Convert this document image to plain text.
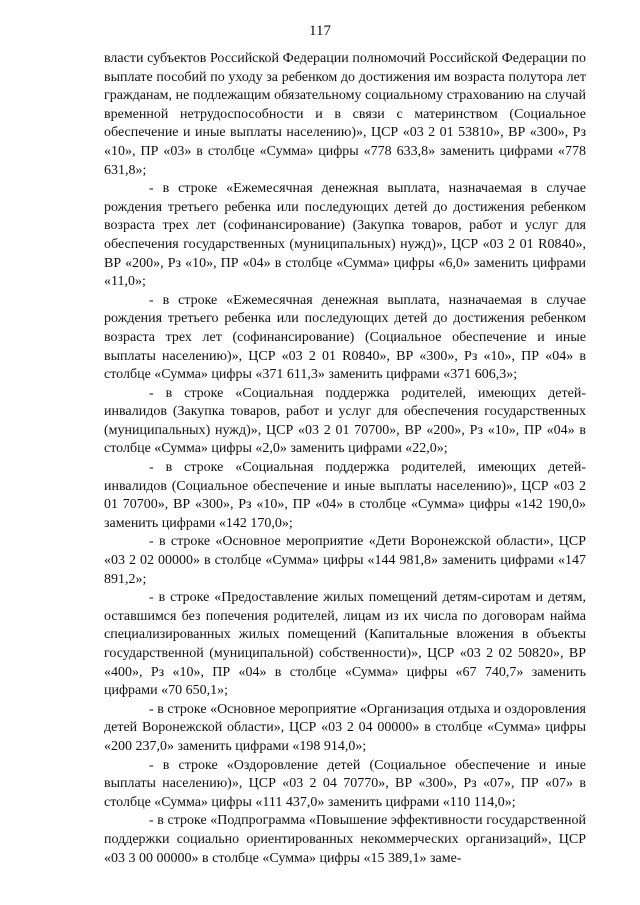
117

власти субъектов Российской Федерации полномочий Российской Федерации по выплате пособий по уходу за ребенком до достижения им возраста полутора лет гражданам, не подлежащим обязательному социальному страхованию на случай временной нетрудоспособности и в связи с материнством (Социальное обеспечение и иные выплаты населению)», ЦСР «03 2 01 53810», ВР «300», Рз «10», ПР «03» в столбце «Сумма» цифры «778 633,8» заменить цифрами «778 631,8»;

- в строке «Ежемесячная денежная выплата, назначаемая в случае рождения третьего ребенка или последующих детей до достижения ребенком возраста трех лет (софинансирование) (Закупка товаров, работ и услуг для обеспечения государственных (муниципальных) нужд)», ЦСР «03 2 01 R0840», ВР «200», Рз «10», ПР «04» в столбце «Сумма» цифры «6,0» заменить цифрами «11,0»;

- в строке «Ежемесячная денежная выплата, назначаемая в случае рождения третьего ребенка или последующих детей до достижения ребенком возраста трех лет (софинансирование) (Социальное обеспечение и иные выплаты населению)», ЦСР «03 2 01 R0840», ВР «300», Рз «10», ПР «04» в столбце «Сумма» цифры «371 611,3» заменить цифрами «371 606,3»;

- в строке «Социальная поддержка родителей, имеющих детей-инвалидов (Закупка товаров, работ и услуг для обеспечения государственных (муниципальных) нужд)», ЦСР «03 2 01 70700», ВР «200», Рз «10», ПР «04» в столбце «Сумма» цифры «2,0» заменить цифрами «22,0»;

- в строке «Социальная поддержка родителей, имеющих детей-инвалидов (Социальное обеспечение и иные выплаты населению)», ЦСР «03 2 01 70700», ВР «300», Рз «10», ПР «04» в столбце «Сумма» цифры «142 190,0» заменить цифрами «142 170,0»;

- в строке «Основное мероприятие «Дети Воронежской области», ЦСР «03 2 02 00000» в столбце «Сумма» цифры «144 981,8» заменить цифрами «147 891,2»;

- в строке «Предоставление жилых помещений детям-сиротам и детям, оставшимся без попечения родителей, лицам из их числа по договорам найма специализированных жилых помещений (Капитальные вложения в объекты государственной (муниципальной) собственности)», ЦСР «03 2 02 50820», ВР «400», Рз «10», ПР «04» в столбце «Сумма» цифры «67 740,7» заменить цифрами «70 650,1»;

- в строке «Основное мероприятие «Организация отдыха и оздоровления детей Воронежской области», ЦСР «03 2 04 00000» в столбце «Сумма» цифры «200 237,0» заменить цифрами «198 914,0»;

- в строке «Оздоровление детей (Социальное обеспечение и иные выплаты населению)», ЦСР «03 2 04 70770», ВР «300», Рз «07», ПР «07» в столбце «Сумма» цифры «111 437,0» заменить цифрами «110 114,0»;

- в строке «Подпрограмма «Повышение эффективности государственной поддержки социально ориентированных некоммерческих организаций», ЦСР «03 3 00 00000» в столбце «Сумма» цифры «15 389,1» заме-
